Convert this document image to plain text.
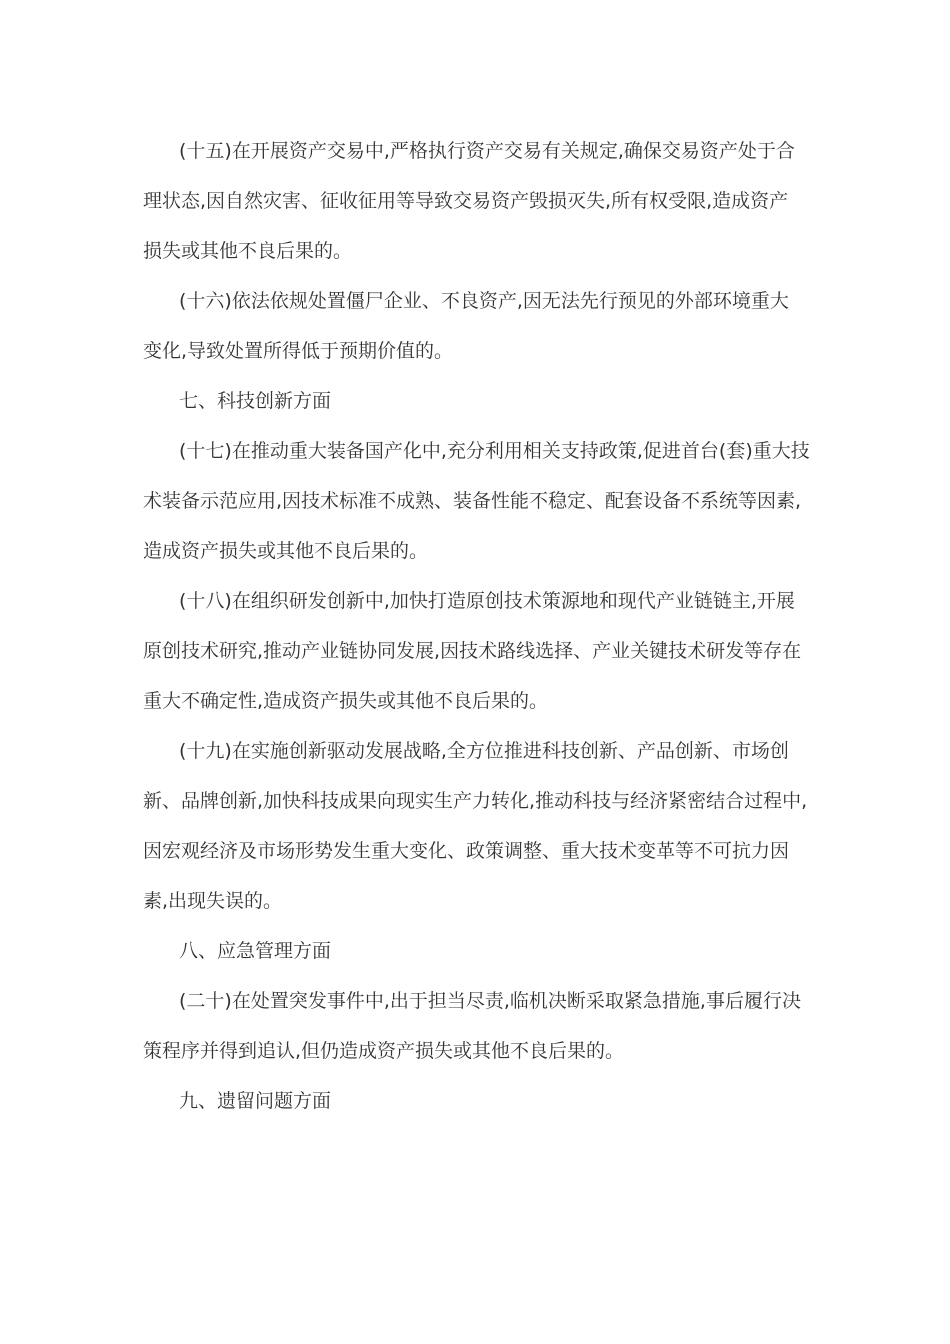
(十五)在开展资产交易中,严格执行资产交易有关规定,确保交易资产处于合
理状态,因自然灾害、征收征用等导致交易资产毁损灭失,所有权受限,造成资产
损失或其他不良后果的。
(十六)依法依规处置僵尸企业、不良资产,因无法先行预见的外部环境重大
变化,导致处置所得低于预期价值的。
七、科技创新方面
(十七)在推动重大装备国产化中,充分利用相关支持政策,促进首台(套)重大技
术装备示范应用,因技术标准不成熟、装备性能不稳定、配套设备不系统等因素,
造成资产损失或其他不良后果的。
(十八)在组织研发创新中,加快打造原创技术策源地和现代产业链链主,开展
原创技术研究,推动产业链协同发展,因技术路线选择、产业关键技术研发等存在
重大不确定性,造成资产损失或其他不良后果的。
(十九)在实施创新驱动发展战略,全方位推进科技创新、产品创新、市场创
新、品牌创新,加快科技成果向现实生产力转化,推动科技与经济紧密结合过程中,
因宏观经济及市场形势发生重大变化、政策调整、重大技术变革等不可抗力因
素,出现失误的。
八、应急管理方面
(二十)在处置突发事件中,出于担当尽责,临机决断采取紧急措施,事后履行决
策程序并得到追认,但仍造成资产损失或其他不良后果的。
九、遗留问题方面
